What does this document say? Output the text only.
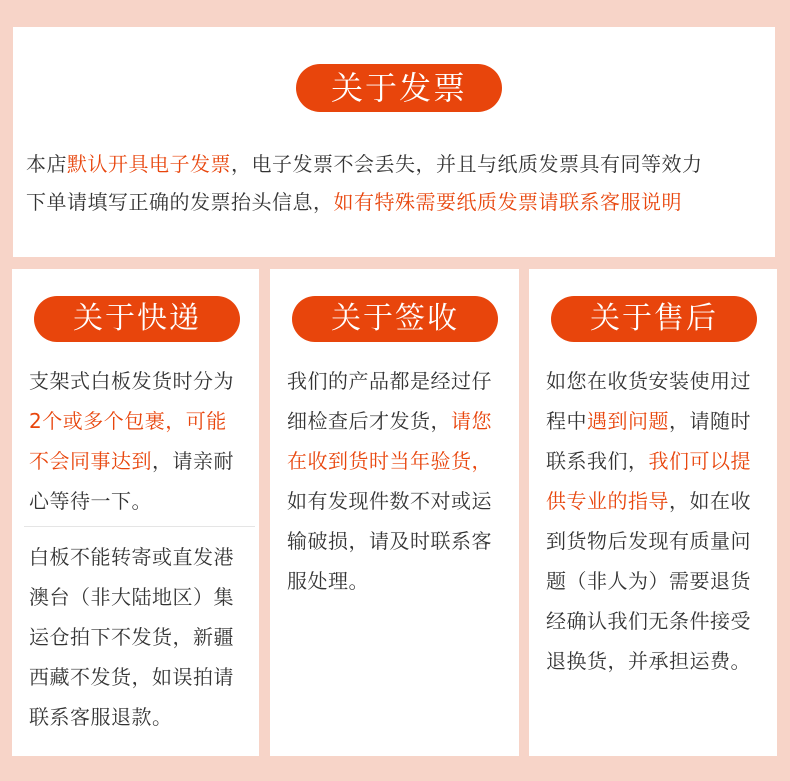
关于发票
本店默认开具电子发票，电子发票不会丢失，并且与纸质发票具有同等效力
下单请填写正确的发票抬头信息，如有特殊需要纸质发票请联系客服说明
关于快递
支架式白板发货时分为
2个或多个包裹，可能
不会同事达到，请亲耐
心等待一下。
白板不能转寄或直发港
澳台（非大陆地区）集
运仓拍下不发货，新疆
西藏不发货，如误拍请
联系客服退款。
关于签收
我们的产品都是经过仔
细检查后才发货，请您
在收到货时当年验货，
如有发现件数不对或运
输破损，请及时联系客
服处理。
关于售后
如您在收货安装使用过
程中遇到问题，请随时
联系我们，我们可以提
供专业的指导，如在收
到货物后发现有质量问
题（非人为）需要退货
经确认我们无条件接受
退换货，并承担运费。
